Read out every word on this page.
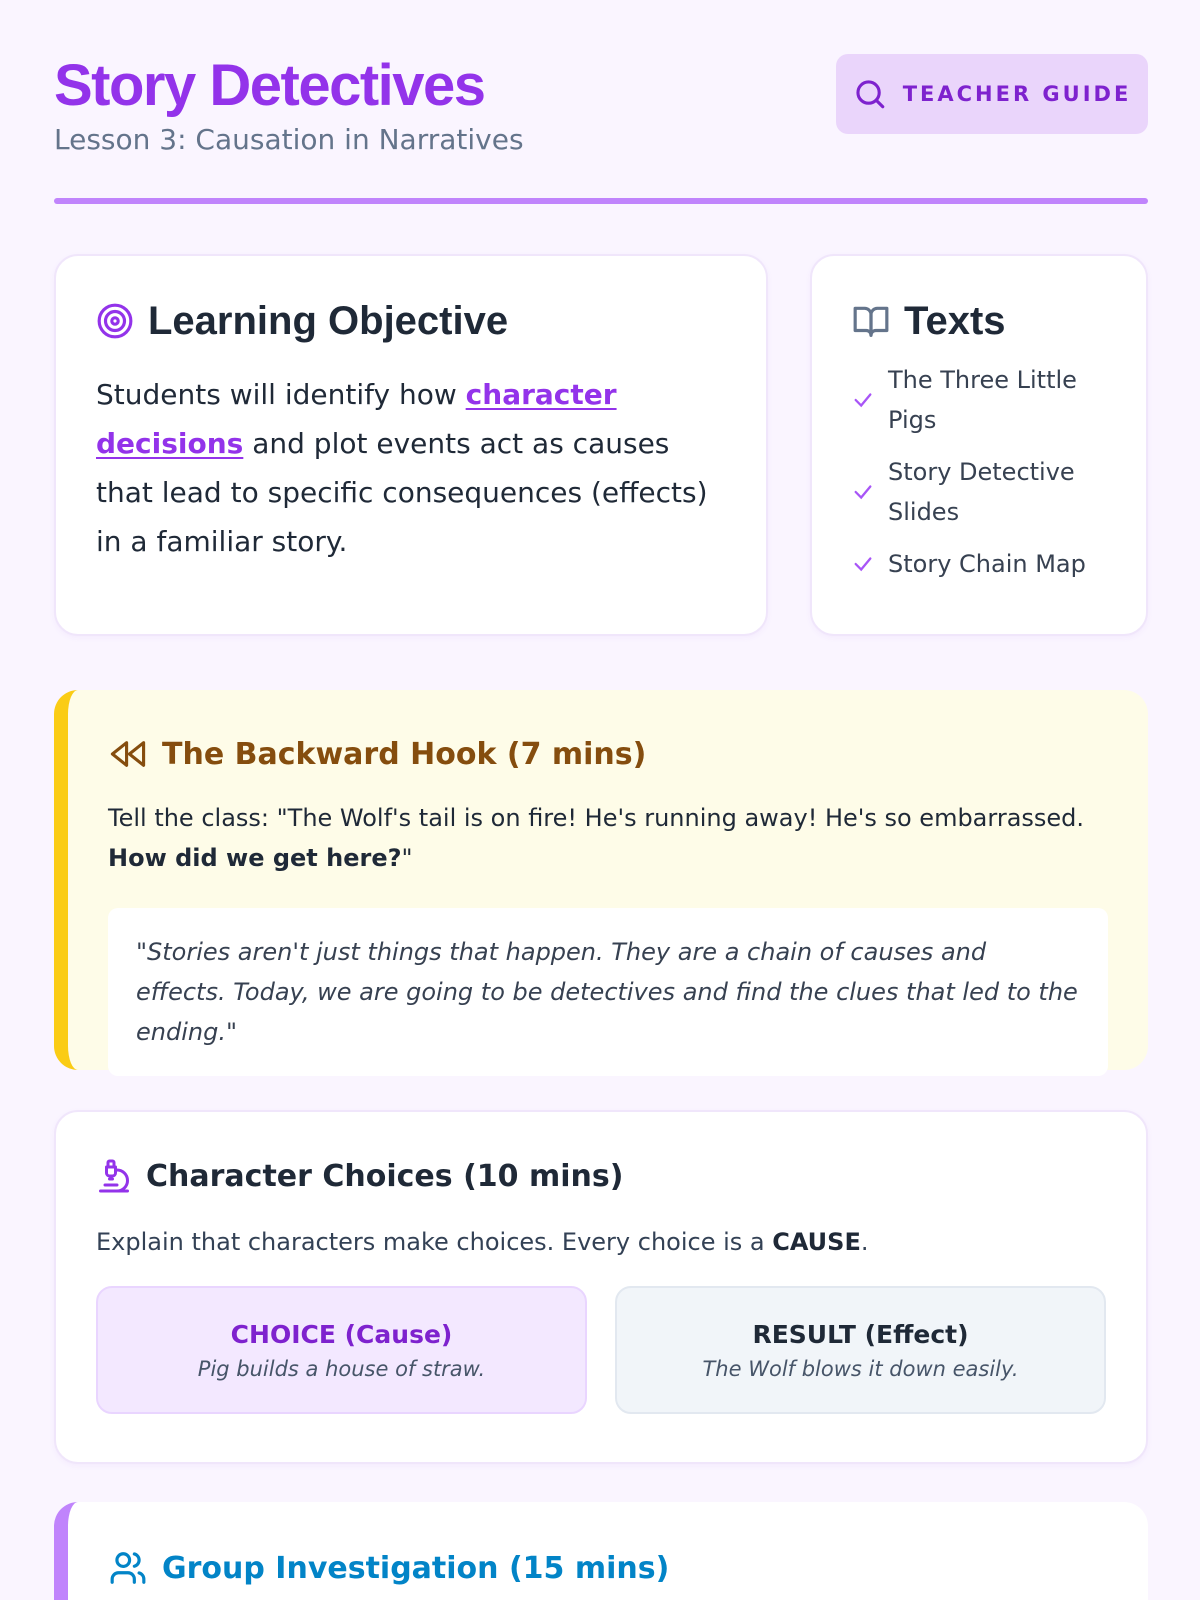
Story Detectives
Lesson 3: Causation in Narratives
TEACHER GUIDE
Learning Objective

Students will identify how character decisions and plot events act as causes that lead to specific consequences (effects) in a familiar story.

Texts
The Three Little Pigs
Story Detective Slides
Story Chain Map
The Backward Hook (7 mins)

Tell the class: "The Wolf's tail is on fire! He's running away! He's so embarrassed. How did we get here?"

"Stories aren't just things that happen. They are a chain of causes and effects. Today, we are going to be detectives and find the clues that led to the ending."
Character Choices (10 mins)

Explain that characters make choices. Every choice is a CAUSE.

CHOICE (Cause)
Pig builds a house of straw.
RESULT (Effect)
The Wolf blows it down easily.
Group Investigation (15 mins)
